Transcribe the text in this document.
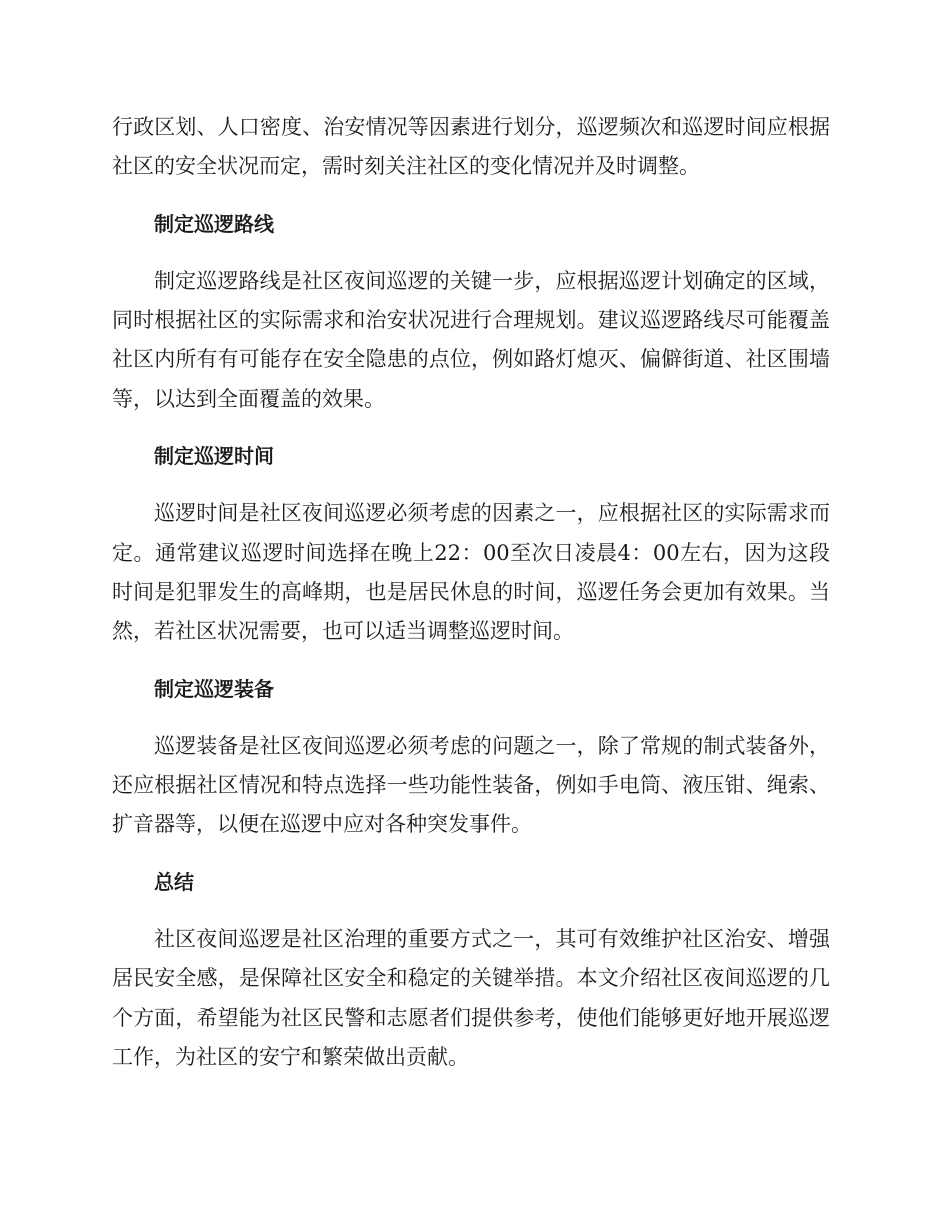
行政区划、人口密度、治安情况等因素进行划分，巡逻频次和巡逻时间应根据社区的安全状况而定，需时刻关注社区的变化情况并及时调整。

制定巡逻路线

制定巡逻路线是社区夜间巡逻的关键一步，应根据巡逻计划确定的区域，同时根据社区的实际需求和治安状况进行合理规划。建议巡逻路线尽可能覆盖社区内所有有可能存在安全隐患的点位，例如路灯熄灭、偏僻街道、社区围墙等，以达到全面覆盖的效果。

制定巡逻时间

巡逻时间是社区夜间巡逻必须考虑的因素之一，应根据社区的实际需求而定。通常建议巡逻时间选择在晚上22：00至次日凌晨4：00左右，因为这段时间是犯罪发生的高峰期，也是居民休息的时间，巡逻任务会更加有效果。当然，若社区状况需要，也可以适当调整巡逻时间。

制定巡逻装备

巡逻装备是社区夜间巡逻必须考虑的问题之一，除了常规的制式装备外，还应根据社区情况和特点选择一些功能性装备，例如手电筒、液压钳、绳索、扩音器等，以便在巡逻中应对各种突发事件。

总结

社区夜间巡逻是社区治理的重要方式之一，其可有效维护社区治安、增强居民安全感，是保障社区安全和稳定的关键举措。本文介绍社区夜间巡逻的几个方面，希望能为社区民警和志愿者们提供参考，使他们能够更好地开展巡逻工作，为社区的安宁和繁荣做出贡献。
